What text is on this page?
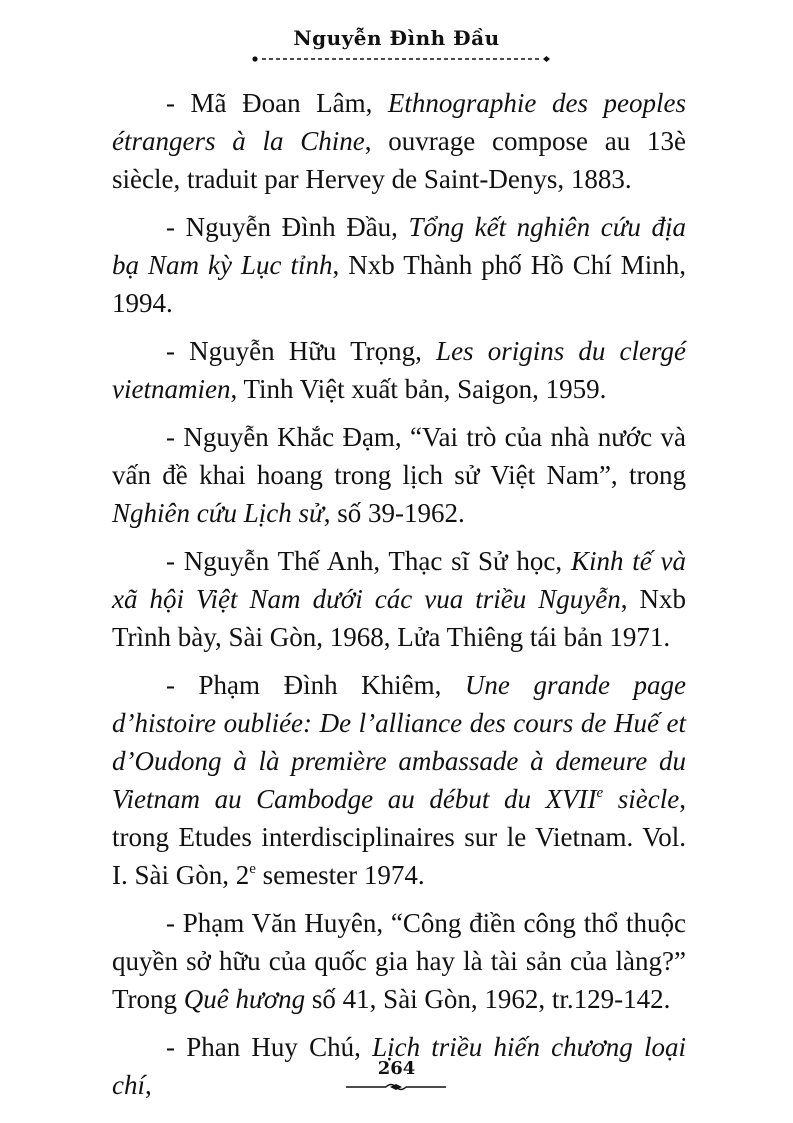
Nguyễn Đình Đầu

- Mã Đoan Lâm, Ethnographie des peoples étrangers à la Chine, ouvrage compose au 13è siècle, traduit par Hervey de Saint-Denys, 1883.

- Nguyễn Đình Đầu, Tổng kết nghiên cứu địa bạ Nam kỳ Lục tỉnh, Nxb Thành phố Hồ Chí Minh, 1994.

- Nguyễn Hữu Trọng, Les origins du clergé vietnamien, Tinh Việt xuất bản, Saigon, 1959.

- Nguyễn Khắc Đạm, “Vai trò của nhà nước và vấn đề khai hoang trong lịch sử Việt Nam”, trong Nghiên cứu Lịch sử, số 39-1962.

- Nguyễn Thế Anh, Thạc sĩ Sử học, Kinh tế và xã hội Việt Nam dưới các vua triều Nguyễn, Nxb Trình bày, Sài Gòn, 1968, Lửa Thiêng tái bản 1971.

- Phạm Đình Khiêm, Une grande page d’histoire oubliée: De l’alliance des cours de Huế et d’Oudong à là première ambassade à demeure du Vietnam au Cambodge au début du XVIIe siècle, trong Etudes interdisciplinaires sur le Vietnam. Vol. I. Sài Gòn, 2e semester 1974.

- Phạm Văn Huyên, “Công điền công thổ thuộc quyền sở hữu của quốc gia hay là tài sản của làng?” Trong Quê hương số 41, Sài Gòn, 1962, tr.129-142.

- Phan Huy Chú, Lịch triều hiến chương loại chí,

264
